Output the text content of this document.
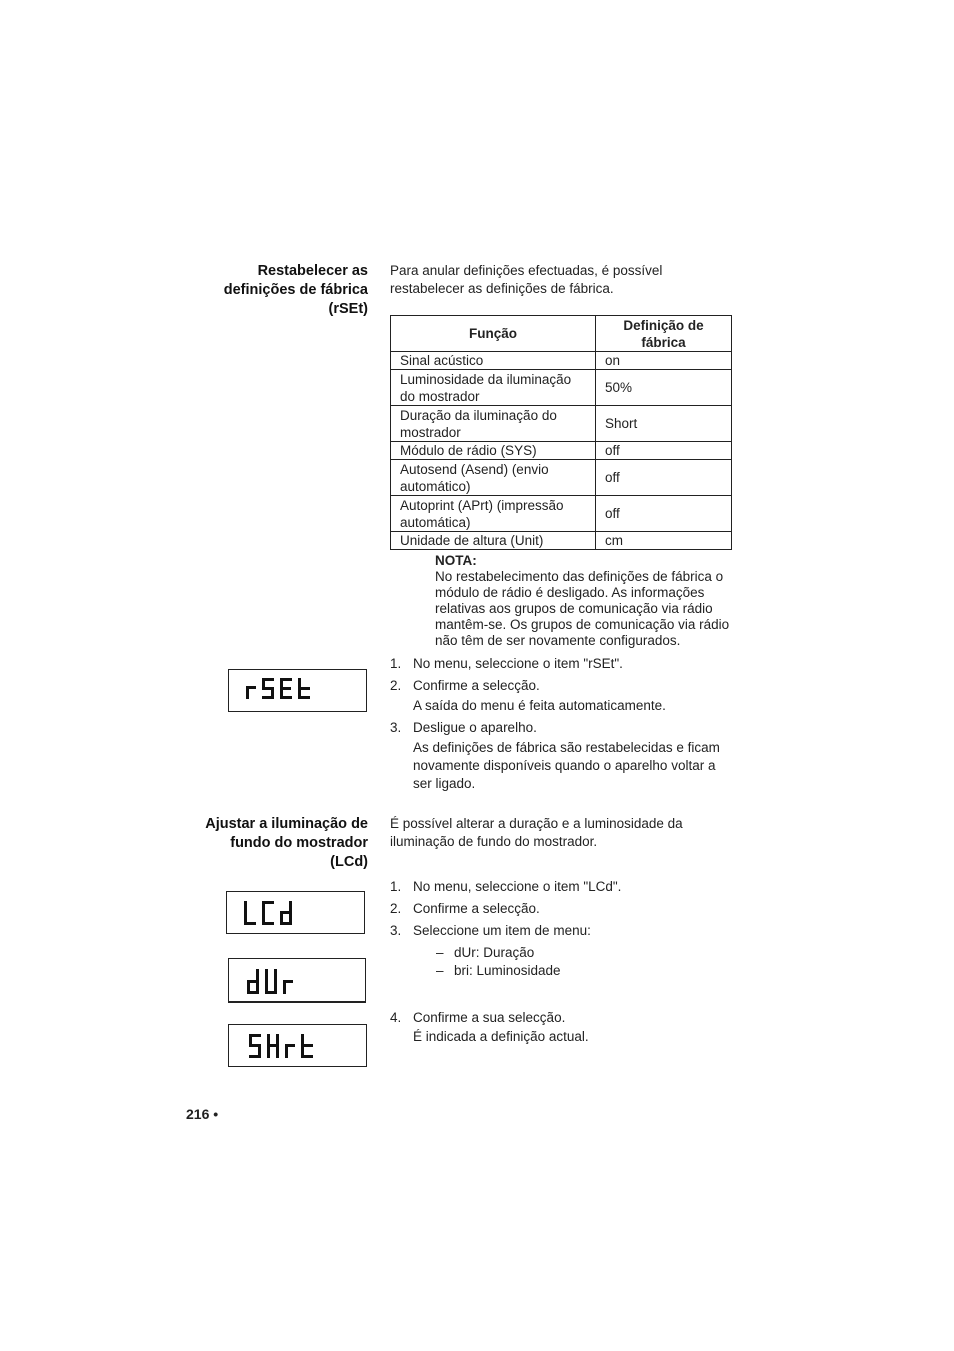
Restabelecer as
definições de fábrica
(rSEt)
Para anular definições efectuadas, é possível
restabelecer as definições de fábrica.
Função	Definição de fábrica
Sinal acústico	on
Luminosidade da iluminação do mostrador	50%
Duração da iluminação do mostrador	Short
Módulo de rádio (SYS)	off
Autosend (Asend) (envio automático)	off
Autoprint (APrt) (impressão automática)	off
Unidade de altura (Unit)	cm
NOTA:
No restabelecimento das definições de fábrica o módulo de rádio é desligado. As informações relativas aos grupos de comunicação via rádio mantêm-se. Os grupos de comunicação via rádio não têm de ser novamente configurados.
1. No menu, seleccione o item "rSEt".
2. Confirme a selecção.
A saída do menu é feita automaticamente.
3. Desligue o aparelho.
As definições de fábrica são restabelecidas e ficam novamente disponíveis quando o aparelho voltar a ser ligado.
Ajustar a iluminação de
fundo do mostrador
(LCd)
É possível alterar a duração e a luminosidade da
iluminação de fundo do mostrador.
1. No menu, seleccione o item "LCd".
2. Confirme a selecção.
3. Seleccione um item de menu:
– dUr: Duração
– bri: Luminosidade
4. Confirme a sua selecção.
É indicada a definição actual.
216 •
